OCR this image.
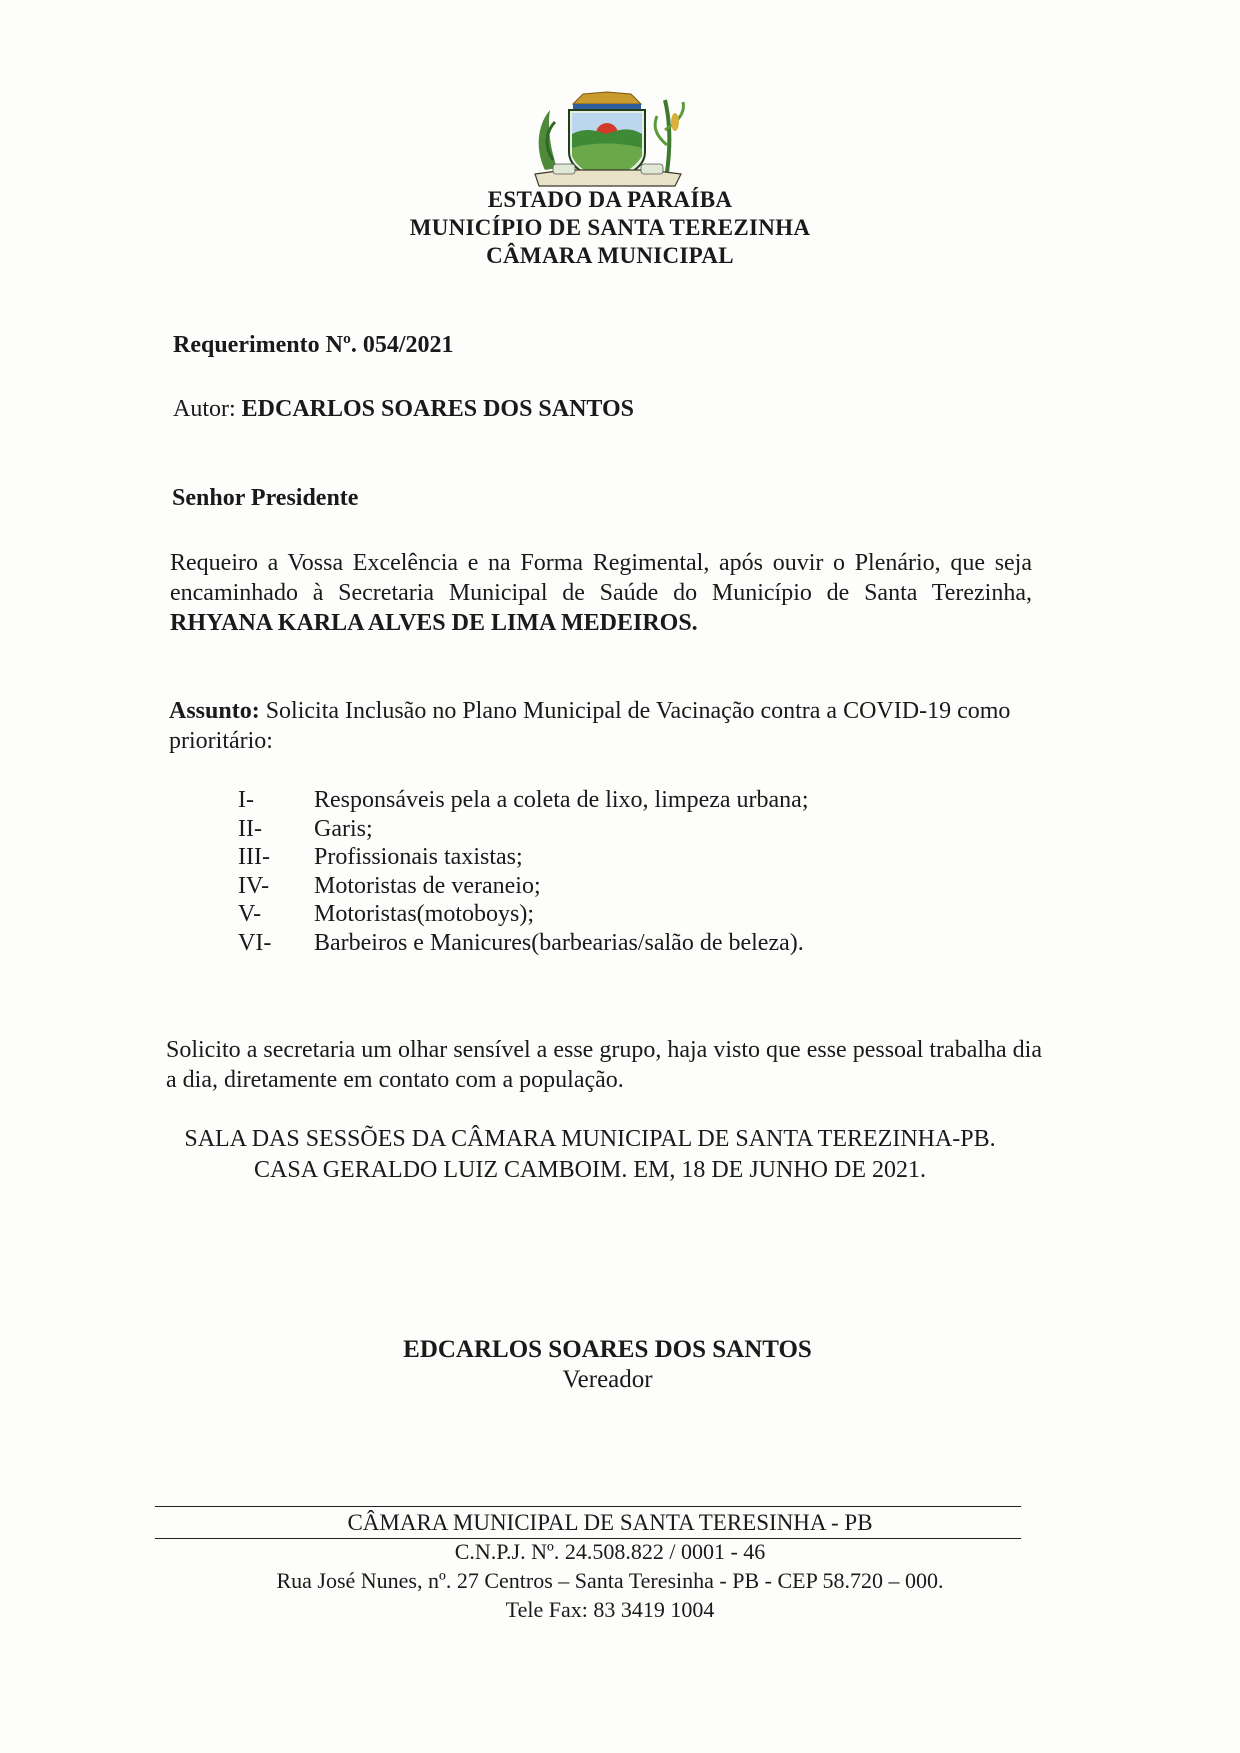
ESTADO DA PARAÍBA
MUNICÍPIO DE SANTA TEREZINHA
CÂMARA MUNICIPAL
Requerimento Nº. 054/2021
Autor: EDCARLOS SOARES DOS SANTOS
Senhor Presidente
Requeiro a Vossa Excelência e na Forma Regimental, após ouvir o Plenário, que seja encaminhado à Secretaria Municipal de Saúde do Município de Santa Terezinha, RHYANA KARLA ALVES DE LIMA MEDEIROS.
Assunto: Solicita Inclusão no Plano Municipal de Vacinação contra a COVID-19 como prioritário:
I-	Responsáveis pela a coleta de lixo, limpeza urbana;
II-	Garis;
III-	Profissionais taxistas;
IV-	Motoristas de veraneio;
V-	Motoristas(motoboys);
VI-	Barbeiros e Manicures(barbearias/salão de beleza).
Solicito a secretaria um olhar sensível a esse grupo, haja visto que esse pessoal trabalha dia a dia, diretamente em contato com a população.
SALA DAS SESSÕES DA CÂMARA MUNICIPAL DE SANTA TEREZINHA-PB. CASA GERALDO LUIZ CAMBOIM. EM, 18 DE JUNHO DE 2021.
EDCARLOS SOARES DOS SANTOS
Vereador
CÂMARA MUNICIPAL DE SANTA TERESINHA - PB
C.N.P.J. Nº. 24.508.822 / 0001 - 46
Rua José Nunes, nº. 27 Centros – Santa Teresinha - PB - CEP 58.720 – 000.
Tele Fax: 83 3419 1004
